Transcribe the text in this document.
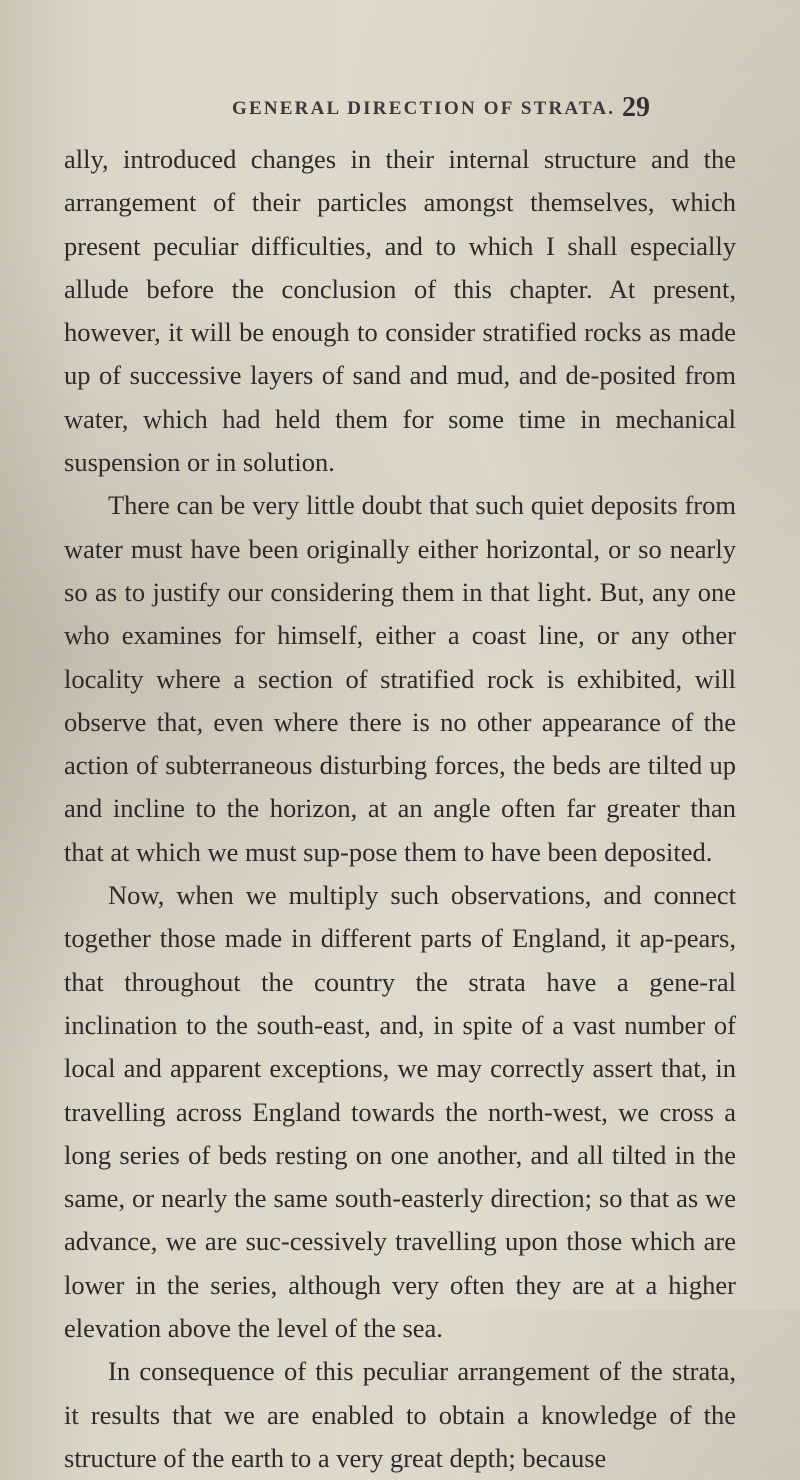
GENERAL DIRECTION OF STRATA. 29

ally, introduced changes in their internal structure and the arrangement of their particles amongst themselves, which present peculiar difficulties, and to which I shall especially allude before the conclusion of this chapter. At present, however, it will be enough to consider stratified rocks as made up of successive layers of sand and mud, and de-posited from water, which had held them for some time in mechanical suspension or in solution.

There can be very little doubt that such quiet deposits from water must have been originally either horizontal, or so nearly so as to justify our considering them in that light. But, any one who examines for himself, either a coast line, or any other locality where a section of stratified rock is exhibited, will observe that, even where there is no other appearance of the action of subterraneous disturbing forces, the beds are tilted up and incline to the horizon, at an angle often far greater than that at which we must sup-pose them to have been deposited.

Now, when we multiply such observations, and connect together those made in different parts of England, it ap-pears, that throughout the country the strata have a gene-ral inclination to the south-east, and, in spite of a vast number of local and apparent exceptions, we may correctly assert that, in travelling across England towards the north-west, we cross a long series of beds resting on one another, and all tilted in the same, or nearly the same south-easterly direction; so that as we advance, we are suc-cessively travelling upon those which are lower in the series, although very often they are at a higher elevation above the level of the sea.

In consequence of this peculiar arrangement of the strata, it results that we are enabled to obtain a knowledge of the structure of the earth to a very great depth; because
